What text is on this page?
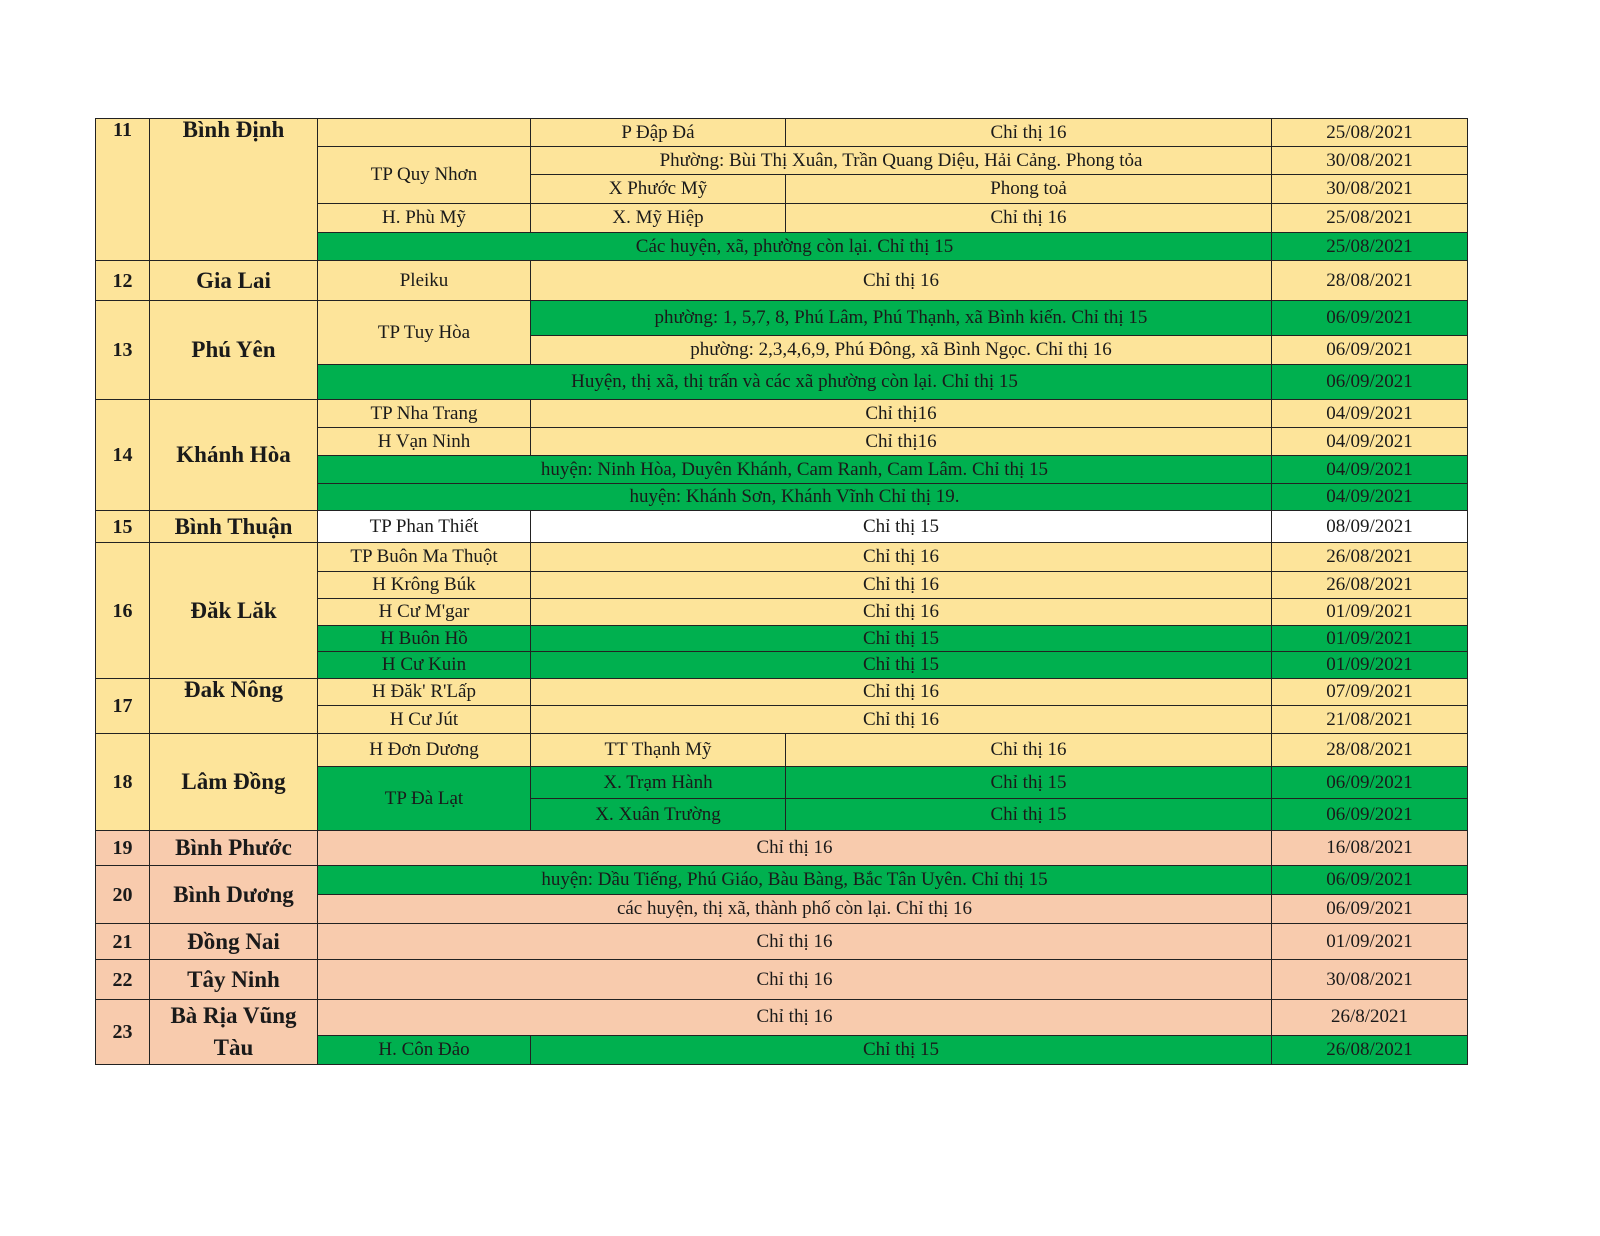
11	Bình Định		P Đập Đá	Chỉ thị 16	25/08/2021
		TP Quy Nhơn	Phường: Bùi Thị Xuân, Trần Quang Diệu, Hải Cảng. Phong tỏa		30/08/2021
			X Phước Mỹ	Phong toả	30/08/2021
		H. Phù Mỹ	X. Mỹ Hiệp	Chỉ thị 16	25/08/2021
		Các huyện, xã, phường còn lại. Chỉ thị 15			25/08/2021
12	Gia Lai	Pleiku	Chỉ thị 16		28/08/2021
13	Phú Yên	TP Tuy Hòa	phường: 1, 5,7, 8, Phú Lâm, Phú Thạnh, xã Bình kiến. Chỉ thị 15		06/09/2021
			phường: 2,3,4,6,9, Phú Đông, xã Bình Ngọc. Chỉ thị 16		06/09/2021
		Huyện, thị xã, thị trấn và các xã phường còn lại. Chỉ thị 15			06/09/2021
14	Khánh Hòa	TP Nha Trang	Chỉ thị16		04/09/2021
		H Vạn Ninh	Chỉ thị16		04/09/2021
		huyện: Ninh Hòa, Duyên Khánh, Cam Ranh, Cam Lâm. Chỉ thị 15			04/09/2021
		huyện: Khánh Sơn, Khánh Vĩnh Chỉ thị 19.			04/09/2021
15	Bình Thuận	TP Phan Thiết	Chỉ thị 15		08/09/2021
16	Đăk Lăk	TP Buôn Ma Thuột	Chỉ thị 16		26/08/2021
		H Krông Búk	Chỉ thị 16		26/08/2021
		H Cư M'gar	Chỉ thị 16		01/09/2021
		H Buôn Hồ	Chỉ thị 15		01/09/2021
		H Cư Kuin	Chỉ thị 15		01/09/2021
17	Đak Nông	H Đăk' R'Lấp	Chỉ thị 16		07/09/2021
		H Cư Jút	Chỉ thị 16		21/08/2021
18	Lâm Đồng	H Đơn Dương	TT Thạnh Mỹ	Chỉ thị 16	28/08/2021
		TP Đà Lạt	X. Trạm Hành	Chỉ thị 15	06/09/2021
			X. Xuân Trường	Chỉ thị 15	06/09/2021
19	Bình Phước	Chỉ thị 16			16/08/2021
20	Bình Dương	huyện: Dầu Tiếng, Phú Giáo, Bàu Bàng, Bắc Tân Uyên. Chỉ thị 15			06/09/2021
		các huyện, thị xã, thành phố còn lại. Chỉ thị 16			06/09/2021
21	Đồng Nai	Chỉ thị 16			01/09/2021
22	Tây Ninh	Chỉ thị 16			30/08/2021
23	Bà Rịa Vũng Tàu	Chỉ thị 16			26/8/2021
		H. Côn Đảo	Chỉ thị 15		26/08/2021
